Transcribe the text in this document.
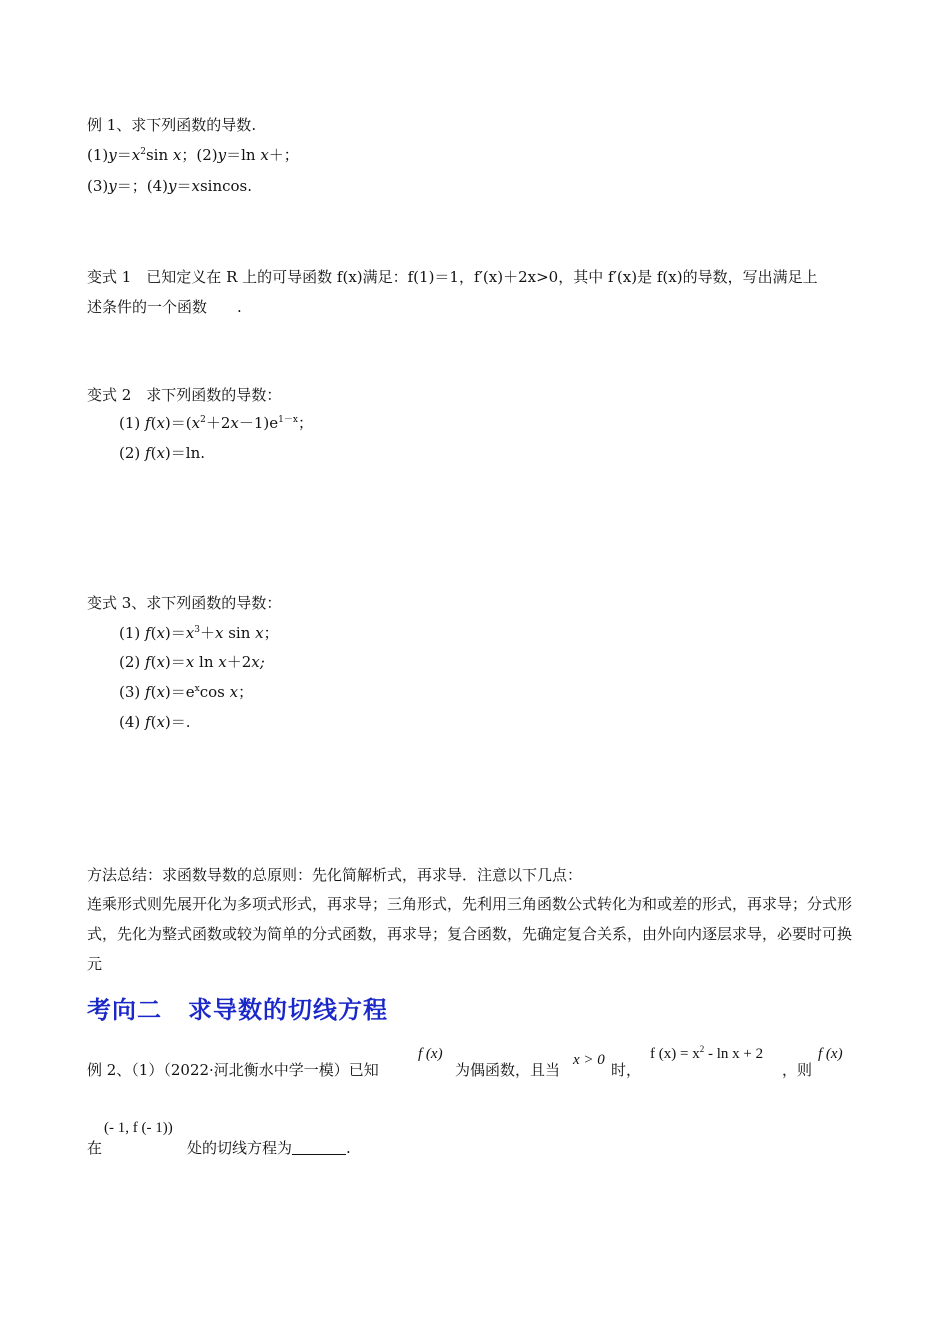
例 1、求下列函数的导数.
$(1)y=x^2\sin$ x；(2)y＝ln x＋；
(3)y＝；(4)y＝xsincos.
变式 1　已知定义在 R 上的可导函数 f(x)满足：f(1)＝1，f′(x)＋2x>0，其中 f′(x)是 f(x)的导数，写出满足上
述条件的一个函数　　.
变式 2　求下列函数的导数：
(1) $f(x)=(x^2+2x-1)e^{1-x}$；
(2) f(x)＝ln.
变式 3、求下列函数的导数：
(1) $f(x)=x^3+x$ sin x；
(2) f(x)＝x ln x＋2x;
(3) $f(x)=e^x\cos$ x；
(4) f(x)＝.
方法总结：求函数导数的总原则：先化简解析式，再求导．注意以下几点：
连乘形式则先展开化为多项式形式，再求导；三角形式，先利用三角函数公式转化为和或差的形式，再求导；分式形式，先化为整式函数或较为简单的分式函数，再求导；复合函数，先确定复合关系，由外向内逐层求导，必要时可换元
考向二 求导数的切线方程
例 2、（1）（2022·河北衡水中学一模）已知
f (x)
为偶函数，且当
x > 0
时，
f $(x) = x^2 - \ln x + 2$
，则
f (x)
在
(- 1, f (- 1))
处的切线方程为	.
